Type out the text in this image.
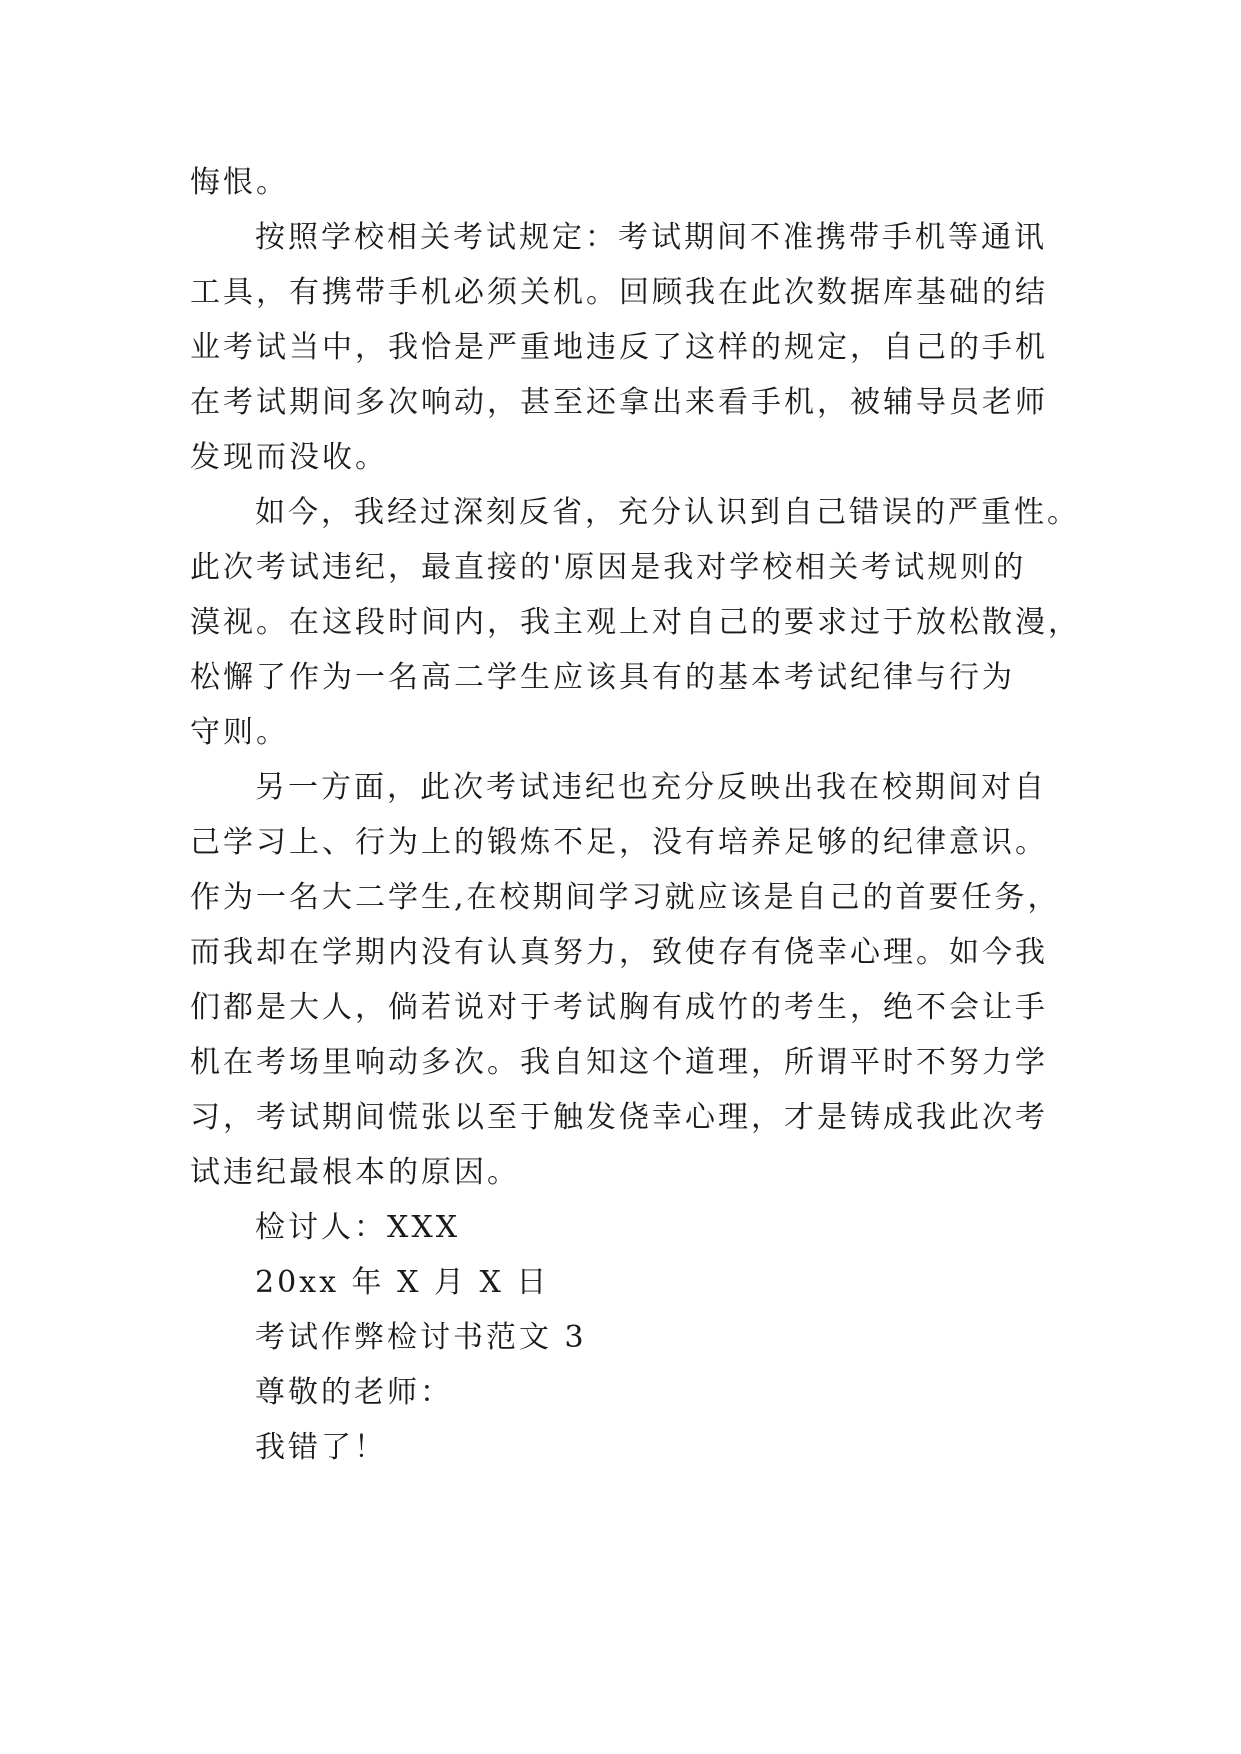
悔恨。
按照学校相关考试规定：考试期间不准携带手机等通讯
工具，有携带手机必须关机。回顾我在此次数据库基础的结
业考试当中，我恰是严重地违反了这样的规定，自己的手机
在考试期间多次响动，甚至还拿出来看手机，被辅导员老师
发现而没收。
如今，我经过深刻反省，充分认识到自己错误的严重性。
此次考试违纪，最直接的'原因是我对学校相关考试规则的
漠视。在这段时间内，我主观上对自己的要求过于放松散漫，
松懈了作为一名高二学生应该具有的基本考试纪律与行为
守则。
另一方面，此次考试违纪也充分反映出我在校期间对自
己学习上、行为上的锻炼不足，没有培养足够的纪律意识。
作为一名大二学生,在校期间学习就应该是自己的首要任务，
而我却在学期内没有认真努力，致使存有侥幸心理。如今我
们都是大人，倘若说对于考试胸有成竹的考生，绝不会让手
机在考场里响动多次。我自知这个道理，所谓平时不努力学
习，考试期间慌张以至于触发侥幸心理，才是铸成我此次考
试违纪最根本的原因。
检讨人：XXX
20xx 年 X 月 X 日
考试作弊检讨书范文 3
尊敬的老师：
我错了！
